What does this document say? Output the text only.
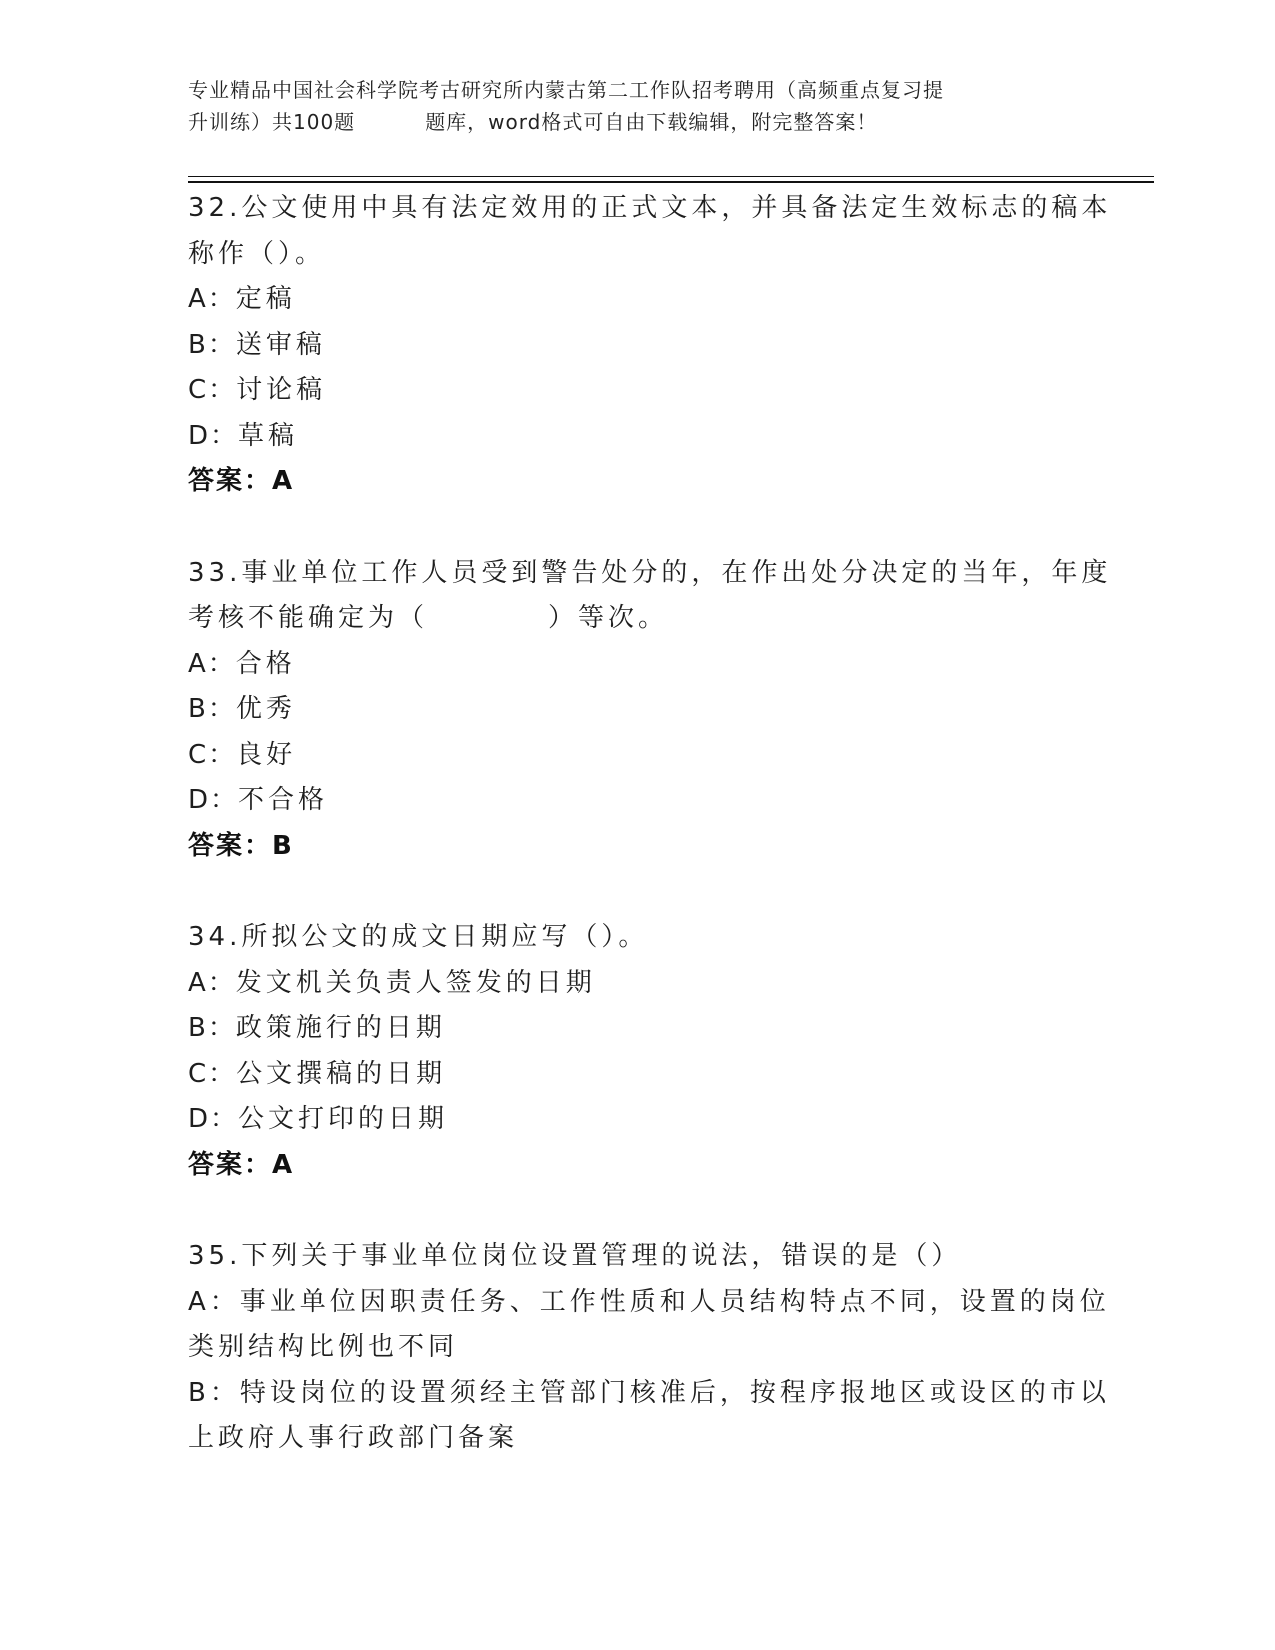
专业精品中国社会科学院考古研究所内蒙古第二工作队招考聘用（高频重点复习提
升训练）共100题	题库，word格式可自由下载编辑，附完整答案！
32.公文使用中具有法定效用的正式文本，并具备法定生效标志的稿本
称作（）。
A：定稿
B：送审稿
C：讨论稿
D：草稿
答案：A
33.事业单位工作人员受到警告处分的，在作出处分决定的当年，年度
考核不能确定为（	）等次。
A：合格
B：优秀
C：良好
D：不合格
答案：B
34.所拟公文的成文日期应写（）。
A：发文机关负责人签发的日期
B：政策施行的日期
C：公文撰稿的日期
D：公文打印的日期
答案：A
35.下列关于事业单位岗位设置管理的说法，错误的是（）
A：事业单位因职责任务、工作性质和人员结构特点不同，设置的岗位
类别结构比例也不同
B：特设岗位的设置须经主管部门核准后，按程序报地区或设区的市以
上政府人事行政部门备案
